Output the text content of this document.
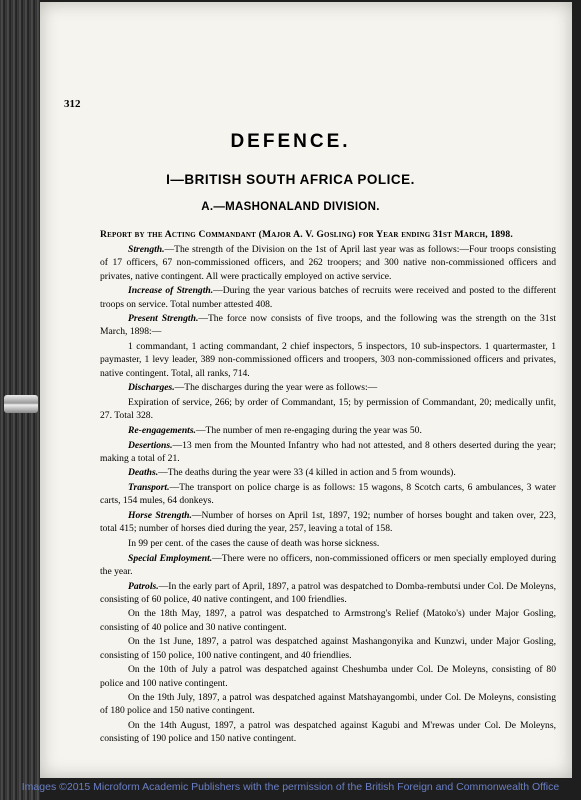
312
DEFENCE.
I—BRITISH SOUTH AFRICA POLICE.
A.—MASHONALAND DIVISION.

Report by the Acting Commandant (Major A. V. Gosling) for Year ending 31st March, 1898.

Strength.—The strength of the Division on the 1st of April last year was as follows:—Four troops consisting of 17 officers, 67 non-commissioned officers, and 262 troopers; and 300 native non-commissioned officers and privates, native contingent. All were practically employed on active service.

Increase of Strength.—During the year various batches of recruits were received and posted to the different troops on service. Total number attested 408.

Present Strength.—The force now consists of five troops, and the following was the strength on the 31st March, 1898:—

1 commandant, 1 acting commandant, 2 chief inspectors, 5 inspectors, 10 sub-inspectors. 1 quartermaster, 1 paymaster, 1 levy leader, 389 non-commissioned officers and troopers, 303 non-commissioned officers and privates, native contingent. Total, all ranks, 714.

Discharges.—The discharges during the year were as follows:—

Expiration of service, 266; by order of Commandant, 15; by permission of Commandant, 20; medically unfit, 27. Total 328.

Re-engagements.—The number of men re-engaging during the year was 50.

Desertions.—13 men from the Mounted Infantry who had not attested, and 8 others deserted during the year; making a total of 21.

Deaths.—The deaths during the year were 33 (4 killed in action and 5 from wounds).

Transport.—The transport on police charge is as follows: 15 wagons, 8 Scotch carts, 6 ambulances, 3 water carts, 154 mules, 64 donkeys.

Horse Strength.—Number of horses on April 1st, 1897, 192; number of horses bought and taken over, 223, total 415; number of horses died during the year, 257, leaving a total of 158.

In 99 per cent. of the cases the cause of death was horse sickness.

Special Employment.—There were no officers, non-commissioned officers or men specially employed during the year.

Patrols.—In the early part of April, 1897, a patrol was despatched to Domba-rembutsi under Col. De Moleyns, consisting of 60 police, 40 native contingent, and 100 friendlies.

On the 18th May, 1897, a patrol was despatched to Armstrong's Relief (Matoko's) under Major Gosling, consisting of 40 police and 30 native contingent.

On the 1st June, 1897, a patrol was despatched against Mashangonyika and Kunzwi, under Major Gosling, consisting of 150 police, 100 native contingent, and 40 friendlies.

On the 10th of July a patrol was despatched against Cheshumba under Col. De Moleyns, consisting of 80 police and 100 native contingent.

On the 19th July, 1897, a patrol was despatched against Matshayangombi, under Col. De Moleyns, consisting of 180 police and 150 native contingent.

On the 14th August, 1897, a patrol was despatched against Kagubi and M'rewas under Col. De Moleyns, consisting of 190 police and 150 native contingent.

Images ©2015 Microform Academic Publishers with the permission of the British Foreign and Commonwealth Office
